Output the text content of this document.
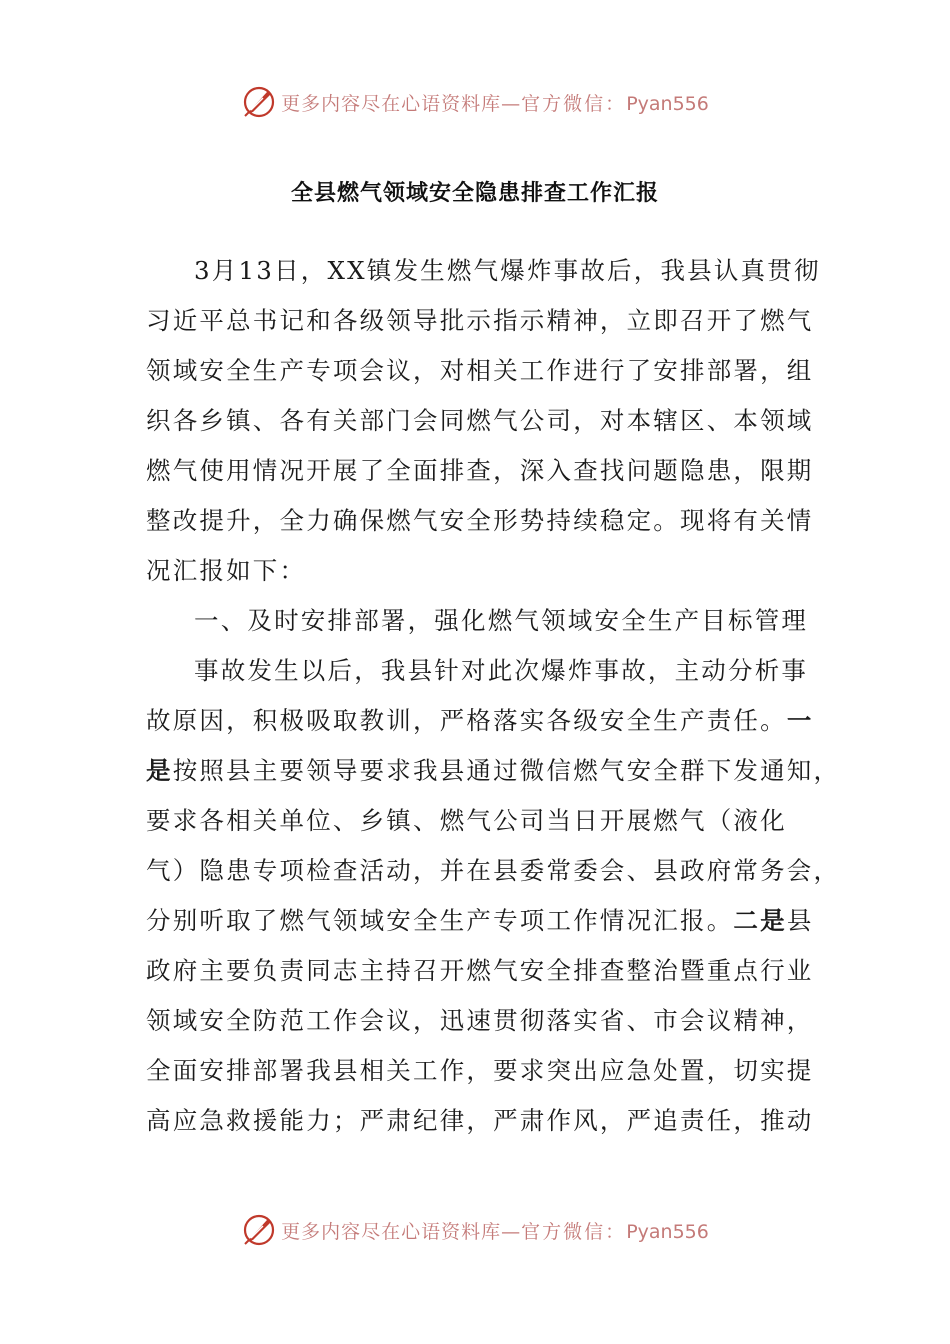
更多内容尽在心语资料库—官方微信：Pyan556
全县燃气领域安全隐患排查工作汇报
3月13日，XX镇发生燃气爆炸事故后，我县认真贯彻
习近平总书记和各级领导批示指示精神，立即召开了燃气
领域安全生产专项会议，对相关工作进行了安排部署，组
织各乡镇、各有关部门会同燃气公司，对本辖区、本领域
燃气使用情况开展了全面排查，深入查找问题隐患，限期
整改提升，全力确保燃气安全形势持续稳定。现将有关情
况汇报如下：
一、及时安排部署，强化燃气领域安全生产目标管理
事故发生以后，我县针对此次爆炸事故，主动分析事
故原因，积极吸取教训，严格落实各级安全生产责任。一
是按照县主要领导要求我县通过微信燃气安全群下发通知，
要求各相关单位、乡镇、燃气公司当日开展燃气（液化
气）隐患专项检查活动，并在县委常委会、县政府常务会，
分别听取了燃气领域安全生产专项工作情况汇报。二是县
政府主要负责同志主持召开燃气安全排查整治暨重点行业
领域安全防范工作会议，迅速贯彻落实省、市会议精神，
全面安排部署我县相关工作，要求突出应急处置，切实提
高应急救援能力；严肃纪律，严肃作风，严追责任，推动
更多内容尽在心语资料库—官方微信：Pyan556
